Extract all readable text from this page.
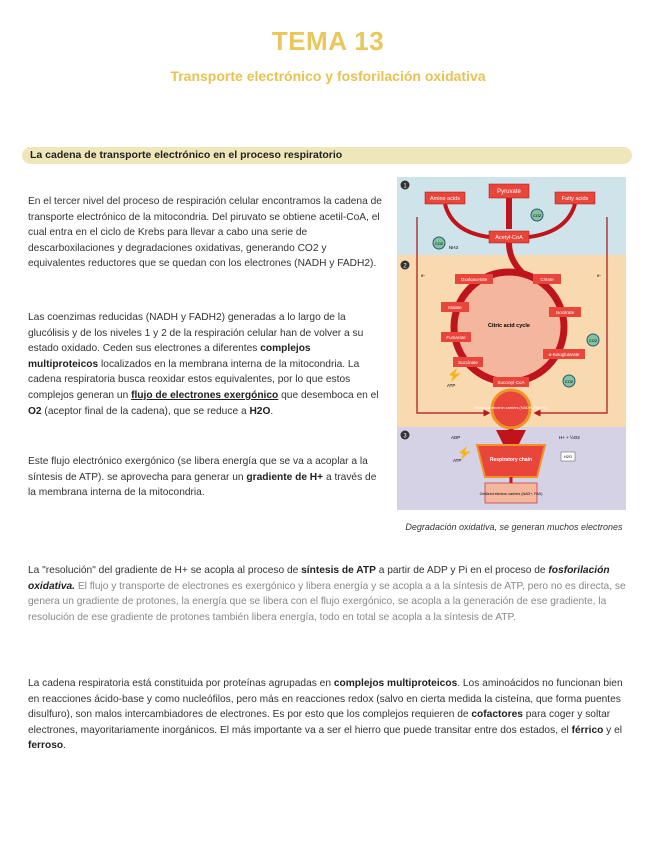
TEMA 13
Transporte electrónico y fosforilación oxidativa
La cadena de transporte electrónico en el proceso respiratorio
En el tercer nivel del proceso de respiración celular encontramos la cadena de transporte electrónico de la mitocondria. Del piruvato se obtiene acetil-CoA, el cual entra en el ciclo de Krebs para llevar a cabo una serie de descarboxilaciones y degradaciones oxidativas, generando CO2 y equivalentes reductores que se quedan con los electrones (NADH y FADH2).
Las coenzimas reducidas (NADH y FADH2) generadas a lo largo de la glucólisis y de los niveles 1 y 2 de la respiración celular han de volver a su estado oxidado. Ceden sus electrones a diferentes complejos multiproteicos localizados en la membrana interna de la mitocondria. La cadena respiratoria busca reoxidar estos equivalentes, por lo que estos complejos generan un flujo de electrones exergónico que desemboca en el O2 (aceptor final de la cadena), que se reduce a H2O.
Este flujo electrónico exergónico (se libera energía que se va a acoplar a la síntesis de ATP). se aprovecha para generar un gradiente de H+ a través de la membrana interna de la mitocondria.
1
2
3
Pyruvate
Amino acids	Fatty acids
CO2
CO2
NH3
Acetyl-CoA
Citric acid cycle
Oxaloacetate	Citrate
Malate
Isocitrate
Fumarate
α-Ketoglutarate
Succinate
Succinyl-CoA
CO2
CO2
ATP
e-	e-
Reduced electron carriers (NADH, FADH2)
Respiratory chain
ADP
ATP
H+ + ½O2
H2O
Oxidized electron carriers (NAD+, FAD)
Degradación oxidativa, se generan muchos electrones
La "resolución" del gradiente de H+ se acopla al proceso de síntesis de ATP a partir de ADP y Pi en el proceso de fosforilación oxidativa. El flujo y transporte de electrones es exergónico y libera energía y se acopla a a la síntesis de ATP, pero no es directa, se genera un gradiente de protones, la energía que se libera con el flujo exergónico, se acopla a la generación de ese gradiente, la resolución de ese gradiente de protones también libera energía, todo en total se acopla a la síntesis de ATP.
La cadena respiratoria está constituida por proteínas agrupadas en complejos multiproteicos. Los aminoácidos no funcionan bien en reacciones ácido-base y como nucleófilos, pero más en reacciones redox (salvo en cierta medida la cisteína, que forma puentes disulfuro), son malos intercambiadores de electrones. Es por esto que los complejos requieren de cofactores para coger y soltar electrones, mayoritariamente inorgánicos. El más importante va a ser el hierro que puede transitar entre dos estados, el férrico y el ferroso.
